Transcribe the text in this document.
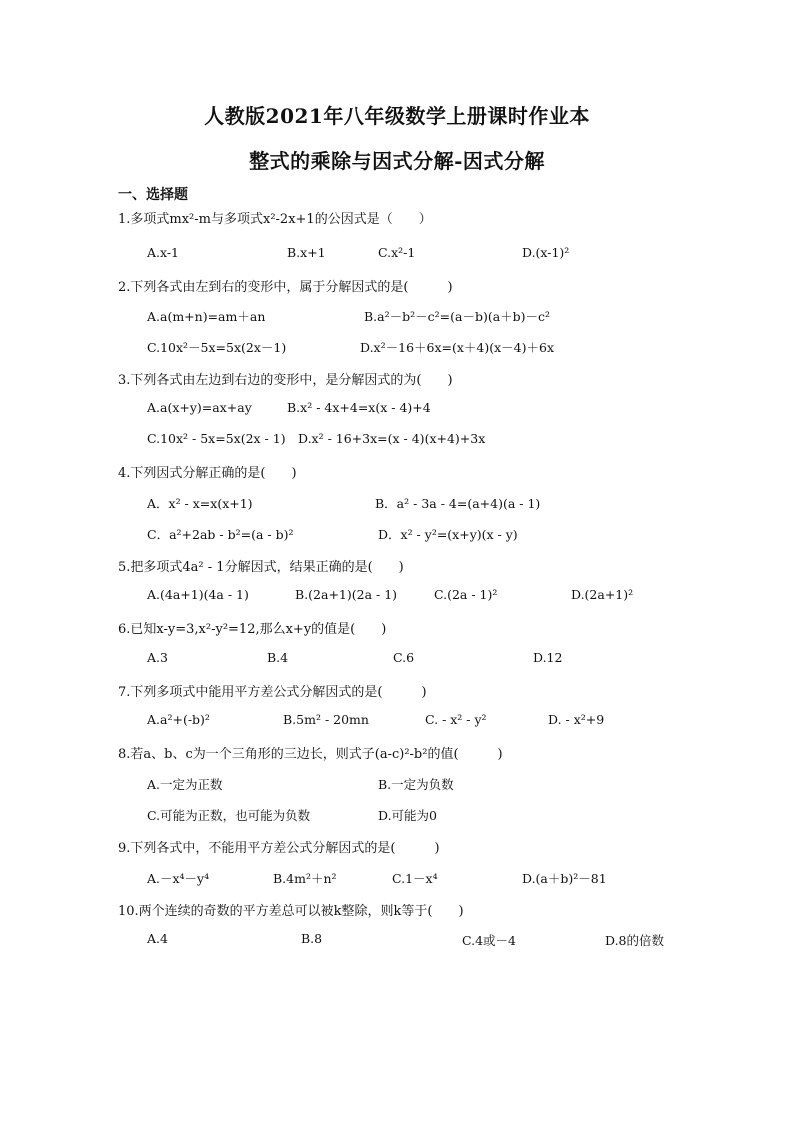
人教版2021年八年级数学上册课时作业本
整式的乘除与因式分解-因式分解
一、选择题
1.多项式mx²-m与多项式x²-2x+1的公因式是（　　）
A.x-1	B.x+1	C.x²-1	D.(x-1)²
2.下列各式由左到右的变形中，属于分解因式的是(　　　)
A.a(m+n)=am＋an	B.a²－b²－c²=(a－b)(a＋b)－c²
C.10x²－5x=5x(2x－1)	D.x²－16＋6x=(x＋4)(x－4)＋6x
3.下列各式由左边到右边的变形中，是分解因式的为(　　)
A.a(x+y)=ax+ay	B.x² - 4x+4=x(x - 4)+4
C.10x² - 5x=5x(2x - 1) D.x² - 16+3x=(x - 4)(x+4)+3x
4.下列因式分解正确的是(　　)
A．x² - x=x(x+1)	B．a² - 3a - 4=(a+4)(a - 1)
C．a²+2ab - b²=(a - b)²	D．x² - y²=(x+y)(x - y)
5.把多项式4a² - 1分解因式，结果正确的是(　　)
A.(4a+1)(4a - 1)	B.(2a+1)(2a - 1)	C.(2a - 1)²	D.(2a+1)²
6.已知x-y=3,x²-y²=12,那么x+y的值是(　　)
A.3	B.4	C.6	D.12
7.下列多项式中能用平方差公式分解因式的是(　　　)
A.a²+(-b)²	B.5m² - 20mn	C. - x² - y²	D. - x²+9
8.若a、b、c为一个三角形的三边长，则式子(a-c)²-b²的值(　　　)
A.一定为正数	B.一定为负数
C.可能为正数，也可能为负数	D.可能为0
9.下列各式中，不能用平方差公式分解因式的是(　　　)
A.－x⁴－y⁴	B.4m²＋n²	C.1－x⁴	D.(a＋b)²－81
10.两个连续的奇数的平方差总可以被k整除，则k等于(　　)
A.4	B.8	C.4或－4	D.8的倍数
